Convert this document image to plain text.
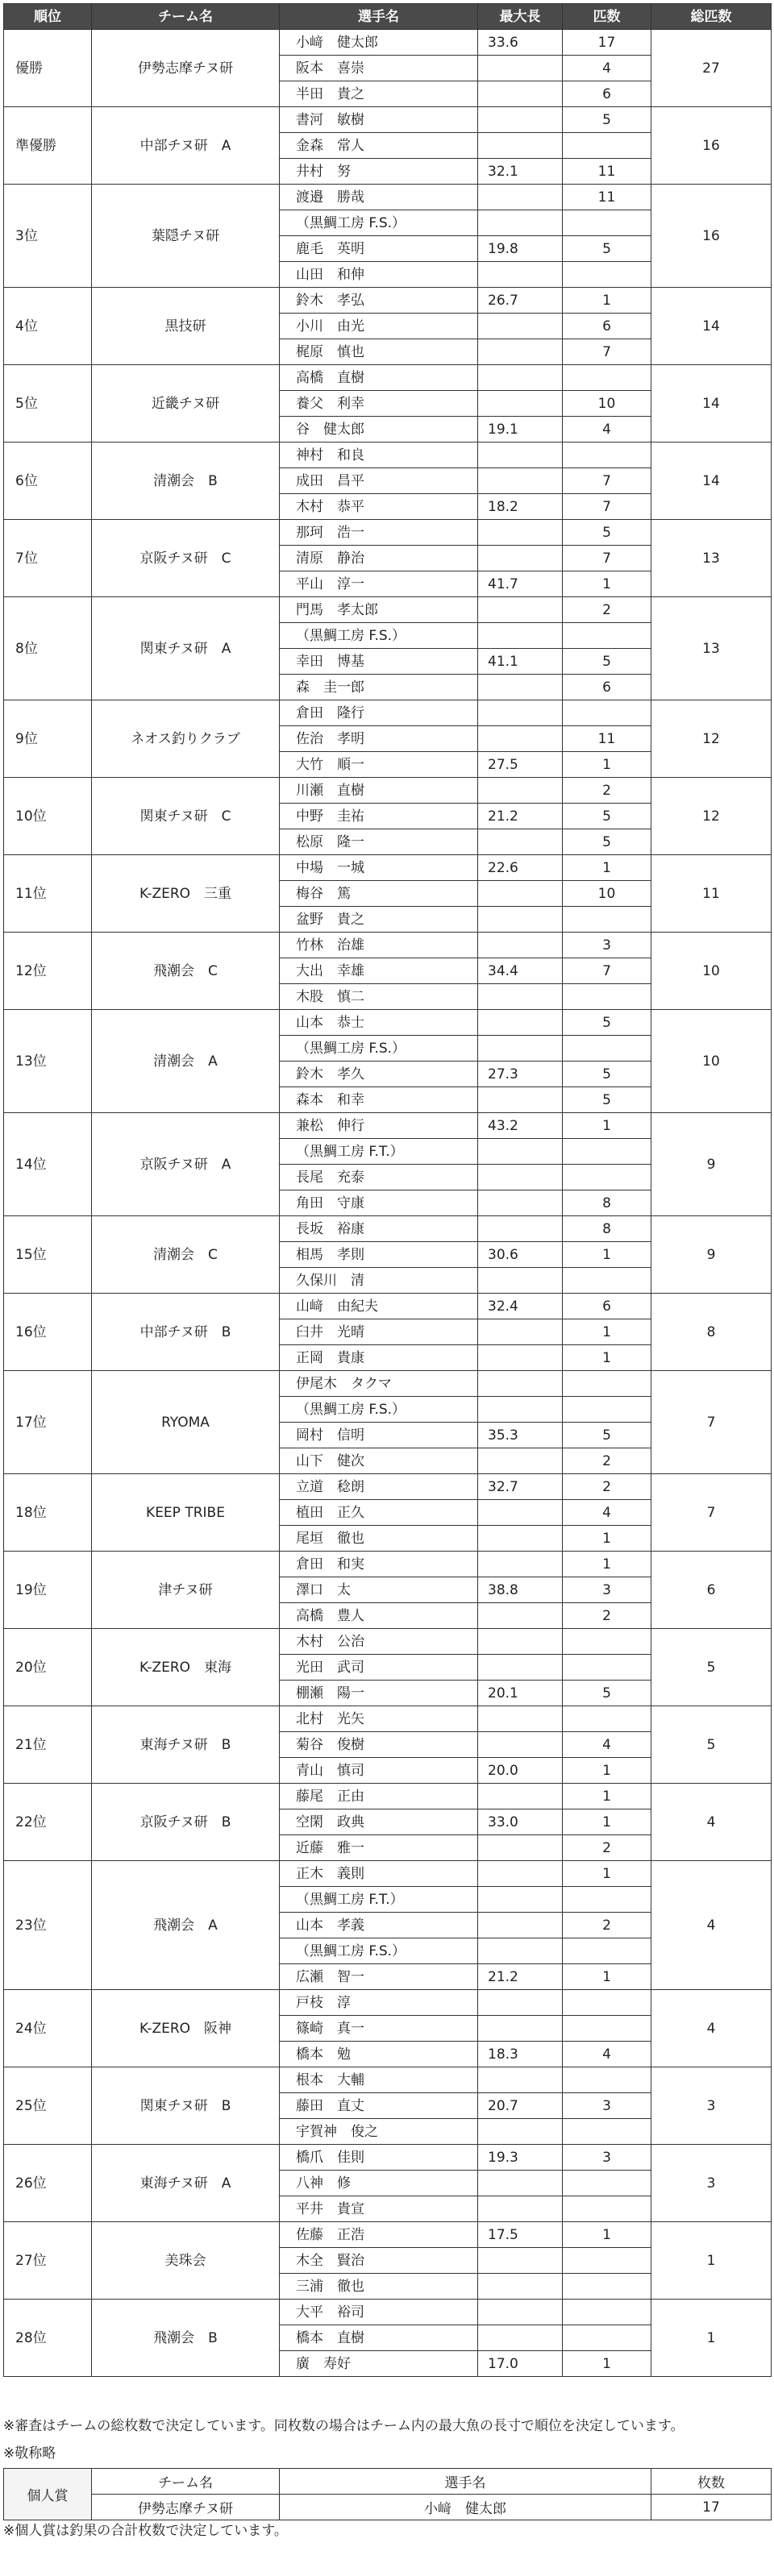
順位	チーム名	選手名	最大長	匹数	総匹数
優勝	伊勢志摩チヌ研	小﨑　健太郎	33.6	17	27
		阪本　喜崇		4	
		半田　貴之		6	
準優勝	中部チヌ研　A	書河　敏樹		5	16
		金森　常人			
		井村　努	32.1	11	
3位	葉隠チヌ研	渡邉　勝哉		11	16
		（黒鯛工房 F.S.）			
		鹿毛　英明	19.8	5	
		山田　和伸			
4位	黒技研	鈴木　孝弘	26.7	1	14
		小川　由光		6	
		梶原　慎也		7	
5位	近畿チヌ研	高橋　直樹			14
		養父　利幸		10	
		谷　健太郎	19.1	4	
6位	清潮会　B	神村　和良			14
		成田　昌平		7	
		木村　恭平	18.2	7	
7位	京阪チヌ研　C	那珂　浩一		5	13
		清原　静治		7	
		平山　淳一	41.7	1	
8位	関東チヌ研　A	門馬　孝太郎		2	13
		（黒鯛工房 F.S.）			
		幸田　博基	41.1	5	
		森　圭一郎		6	
9位	ネオス釣りクラブ	倉田　隆行			12
		佐治　孝明		11	
		大竹　順一	27.5	1	
10位	関東チヌ研　C	川瀬　直樹		2	12
		中野　圭祐	21.2	5	
		松原　隆一		5	
11位	K-ZERO　三重	中場　一城	22.6	1	11
		梅谷　篤		10	
		盆野　貴之			
12位	飛潮会　C	竹林　治雄		3	10
		大出　幸雄	34.4	7	
		木股　慎二			
13位	清潮会　A	山本　恭士		5	10
		（黒鯛工房 F.S.）			
		鈴木　孝久	27.3	5	
		森本　和幸		5	
14位	京阪チヌ研　A	兼松　伸行	43.2	1	9
		（黒鯛工房 F.T.）			
		長尾　充泰			
		角田　守康		8	
15位	清潮会　C	長坂　裕康		8	9
		相馬　孝則	30.6	1	
		久保川　清			
16位	中部チヌ研　B	山﨑　由紀夫	32.4	6	8
		臼井　光晴		1	
		正岡　貴康		1	
17位	RYOMA	伊尾木　タクマ			7
		（黒鯛工房 F.S.）			
		岡村　信明	35.3	5	
		山下　健次		2	
18位	KEEP TRIBE	立道　稔朗	32.7	2	7
		植田　正久		4	
		尾垣　徹也		1	
19位	津チヌ研	倉田　和実		1	6
		澤口　太	38.8	3	
		高橋　豊人		2	
20位	K-ZERO　東海	木村　公治			5
		光田　武司			
		棚瀬　陽一	20.1	5	
21位	東海チヌ研　B	北村　光矢			5
		菊谷　俊樹		4	
		青山　慎司	20.0	1	
22位	京阪チヌ研　B	藤尾　正由		1	4
		空閑　政典	33.0	1	
		近藤　雅一		2	
23位	飛潮会　A	正木　義則		1	4
		（黒鯛工房 F.T.）			
		山本　孝義		2	
		（黒鯛工房 F.S.）			
		広瀬　智一	21.2	1	
24位	K-ZERO　阪神	戸枝　淳			4
		篠崎　真一			
		橋本　勉	18.3	4	
25位	関東チヌ研　B	根本　大輔			3
		藤田　直丈	20.7	3	
		宇賀神　俊之			
26位	東海チヌ研　A	橋爪　佳則	19.3	3	3
		八神　修			
		平井　貴宣			
27位	美珠会	佐藤　正浩	17.5	1	1
		木全　賢治			
		三浦　徹也			
28位	飛潮会　B	大平　裕司			1
		橋本　直樹			
		廣　寿好	17.0	1	
※審査はチームの総枚数で決定しています。同枚数の場合はチーム内の最大魚の長寸で順位を決定しています。
※敬称略
個人賞	チーム名	選手名	枚数
	伊勢志摩チヌ研	小﨑　健太郎	17
※個人賞は釣果の合計枚数で決定しています。
